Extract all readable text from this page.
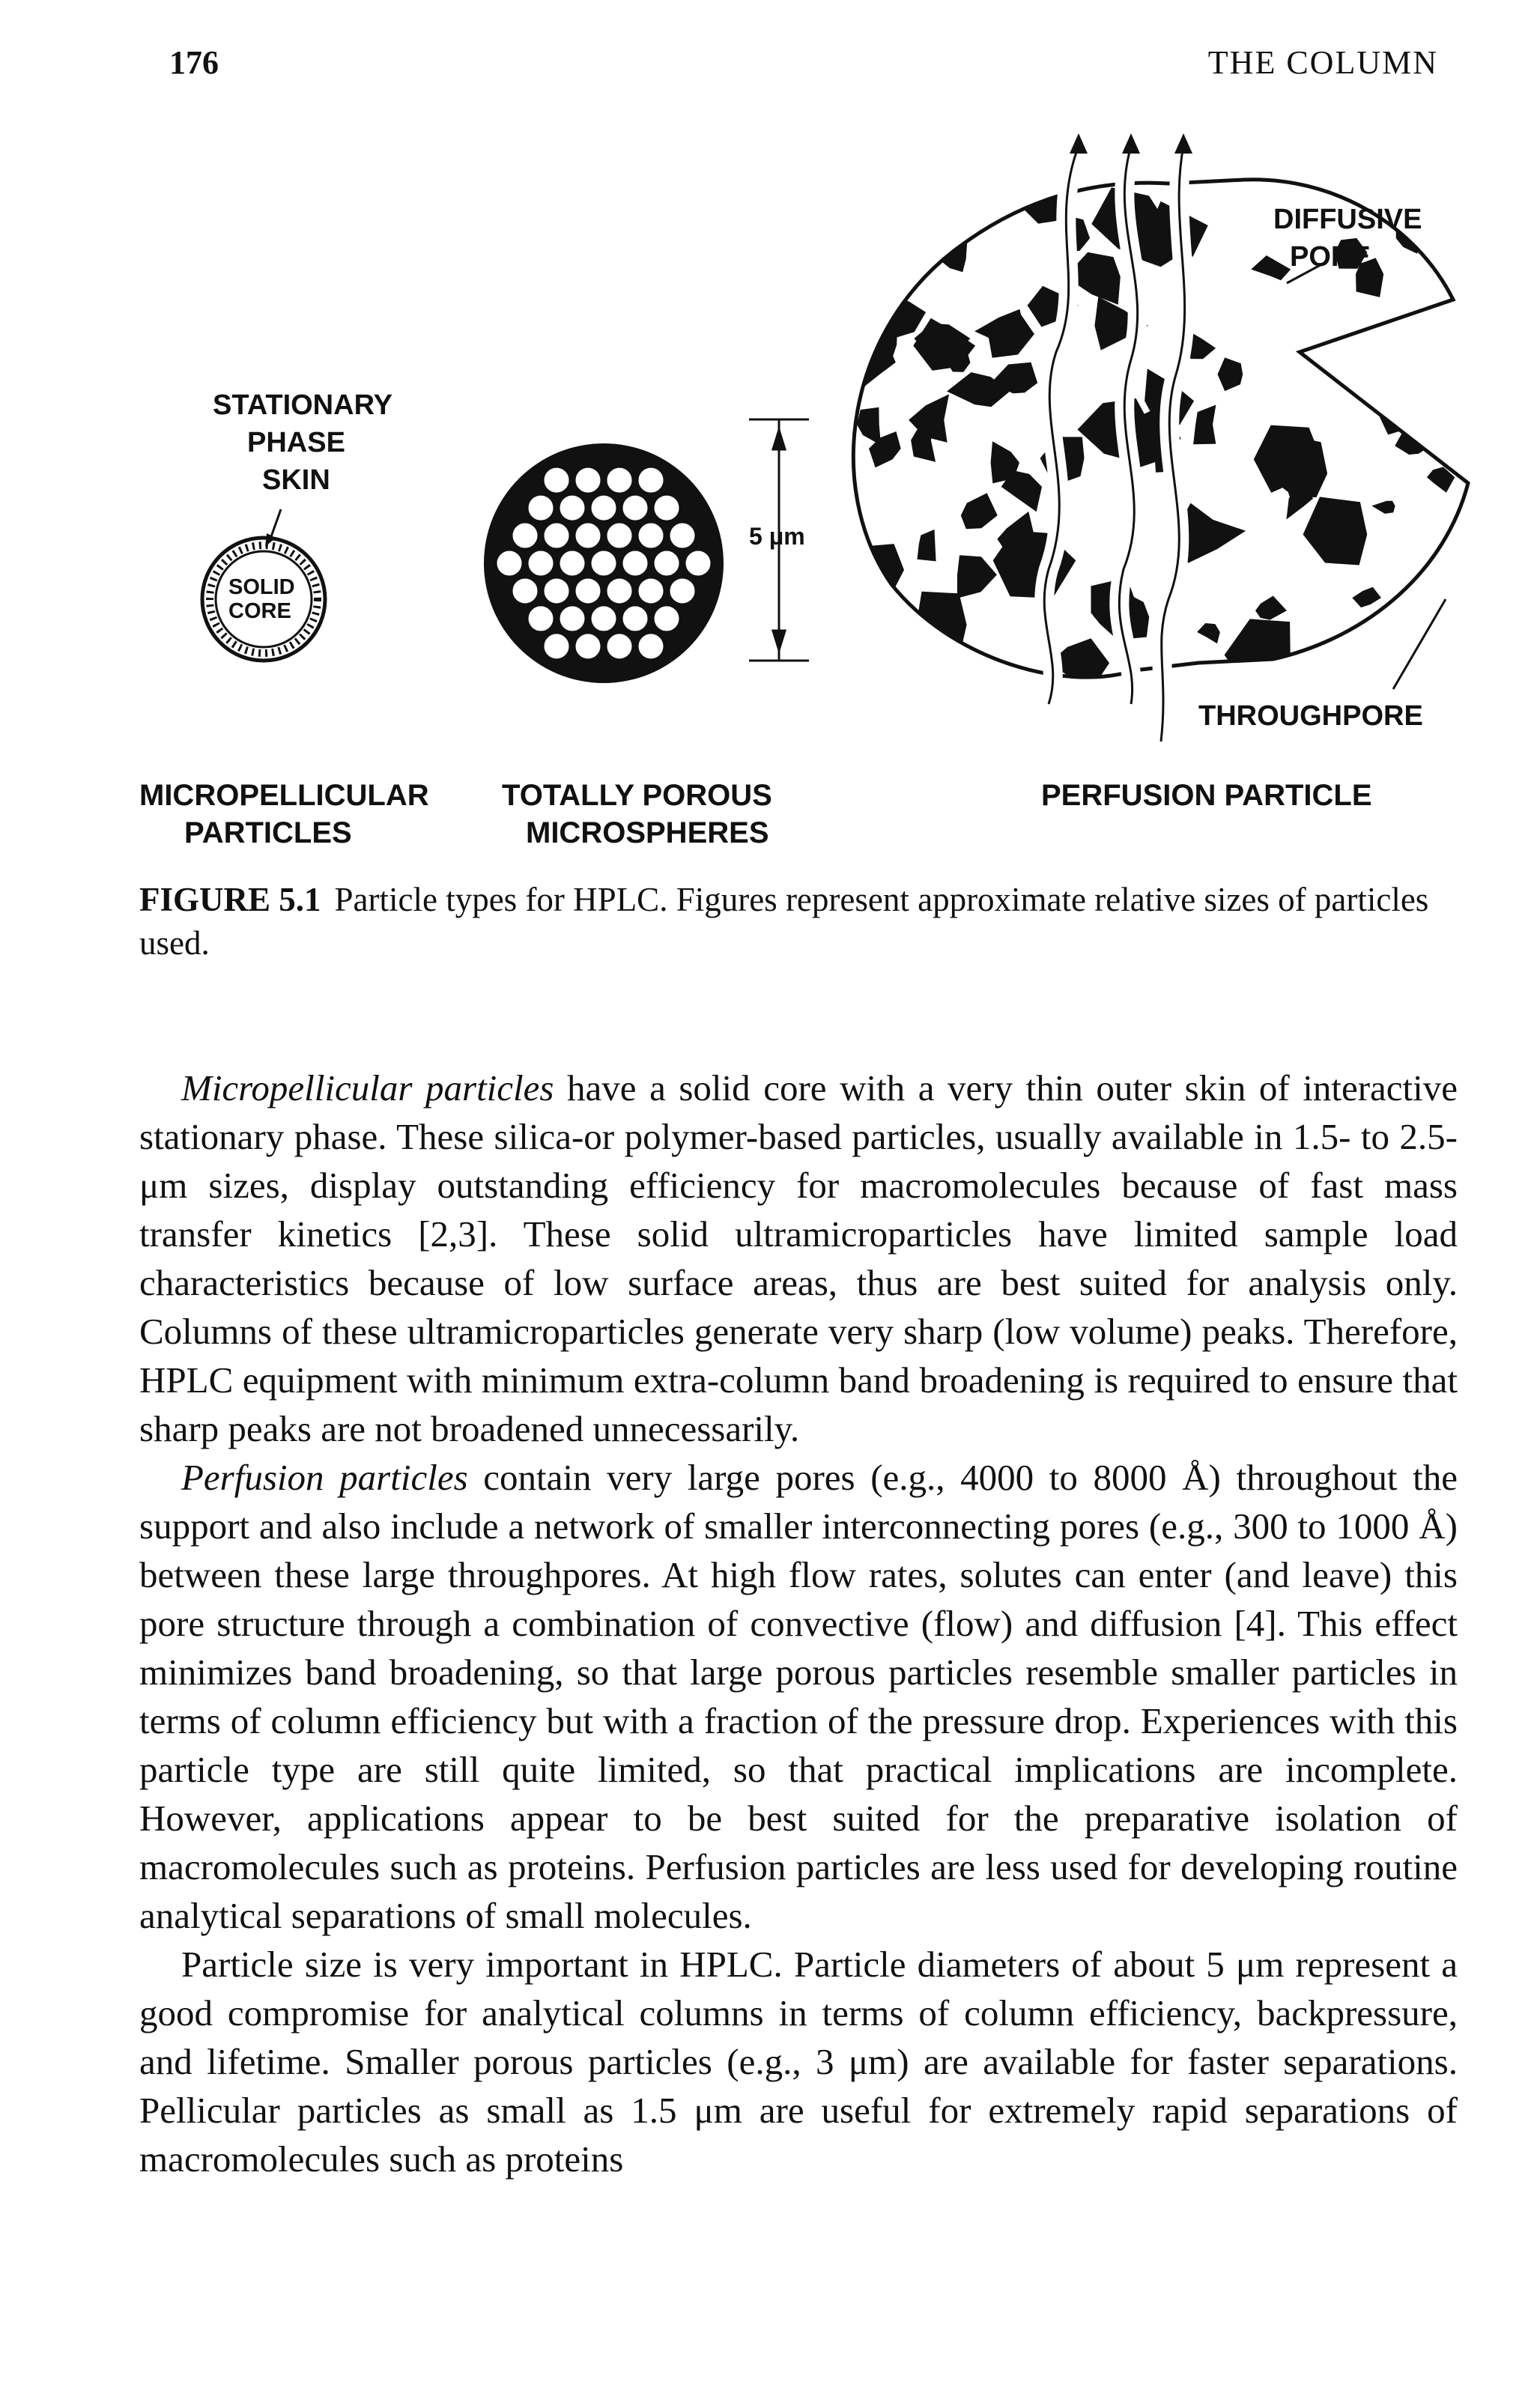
176	THE COLUMN
STATIONARY
PHASE
SKIN
SOLID
CORE
5 μm
DIFFUSIVE
PORE
THROUGHPORE
MICROPELLICULAR
PARTICLES
TOTALLY POROUS
MICROSPHERES
PERFUSION PARTICLE
FIGURE 5.1 Particle types for HPLC. Figures represent approximate relative sizes of particles used.

Micropellicular particles have a solid core with a very thin outer skin of interactive stationary phase. These silica-or polymer-based particles, usually available in 1.5- to 2.5-μm sizes, display outstanding efficiency for macromolecules because of fast mass transfer kinetics [2,3]. These solid ultramicroparticles have limited sample load characteristics because of low surface areas, thus are best suited for analysis only. Columns of these ultramicroparticles generate very sharp (low volume) peaks. Therefore, HPLC equipment with minimum extra-column band broadening is required to ensure that sharp peaks are not broadened unnecessarily.

Perfusion particles contain very large pores (e.g., 4000 to 8000 Å) throughout the support and also include a network of smaller interconnecting pores (e.g., 300 to 1000 Å) between these large throughpores. At high flow rates, solutes can enter (and leave) this pore structure through a combination of convective (flow) and diffusion [4]. This effect minimizes band broadening, so that large porous particles resemble smaller particles in terms of column efficiency but with a fraction of the pressure drop. Experiences with this particle type are still quite limited, so that practical implications are incomplete. However, applications appear to be best suited for the preparative isolation of macromolecules such as proteins. Perfusion particles are less used for developing routine analytical separations of small molecules.

Particle size is very important in HPLC. Particle diameters of about 5 μm represent a good compromise for analytical columns in terms of column efficiency, backpressure, and lifetime. Smaller porous particles (e.g., 3 μm) are available for faster separations. Pellicular particles as small as 1.5 μm are useful for extremely rapid separations of macromolecules such as proteins
